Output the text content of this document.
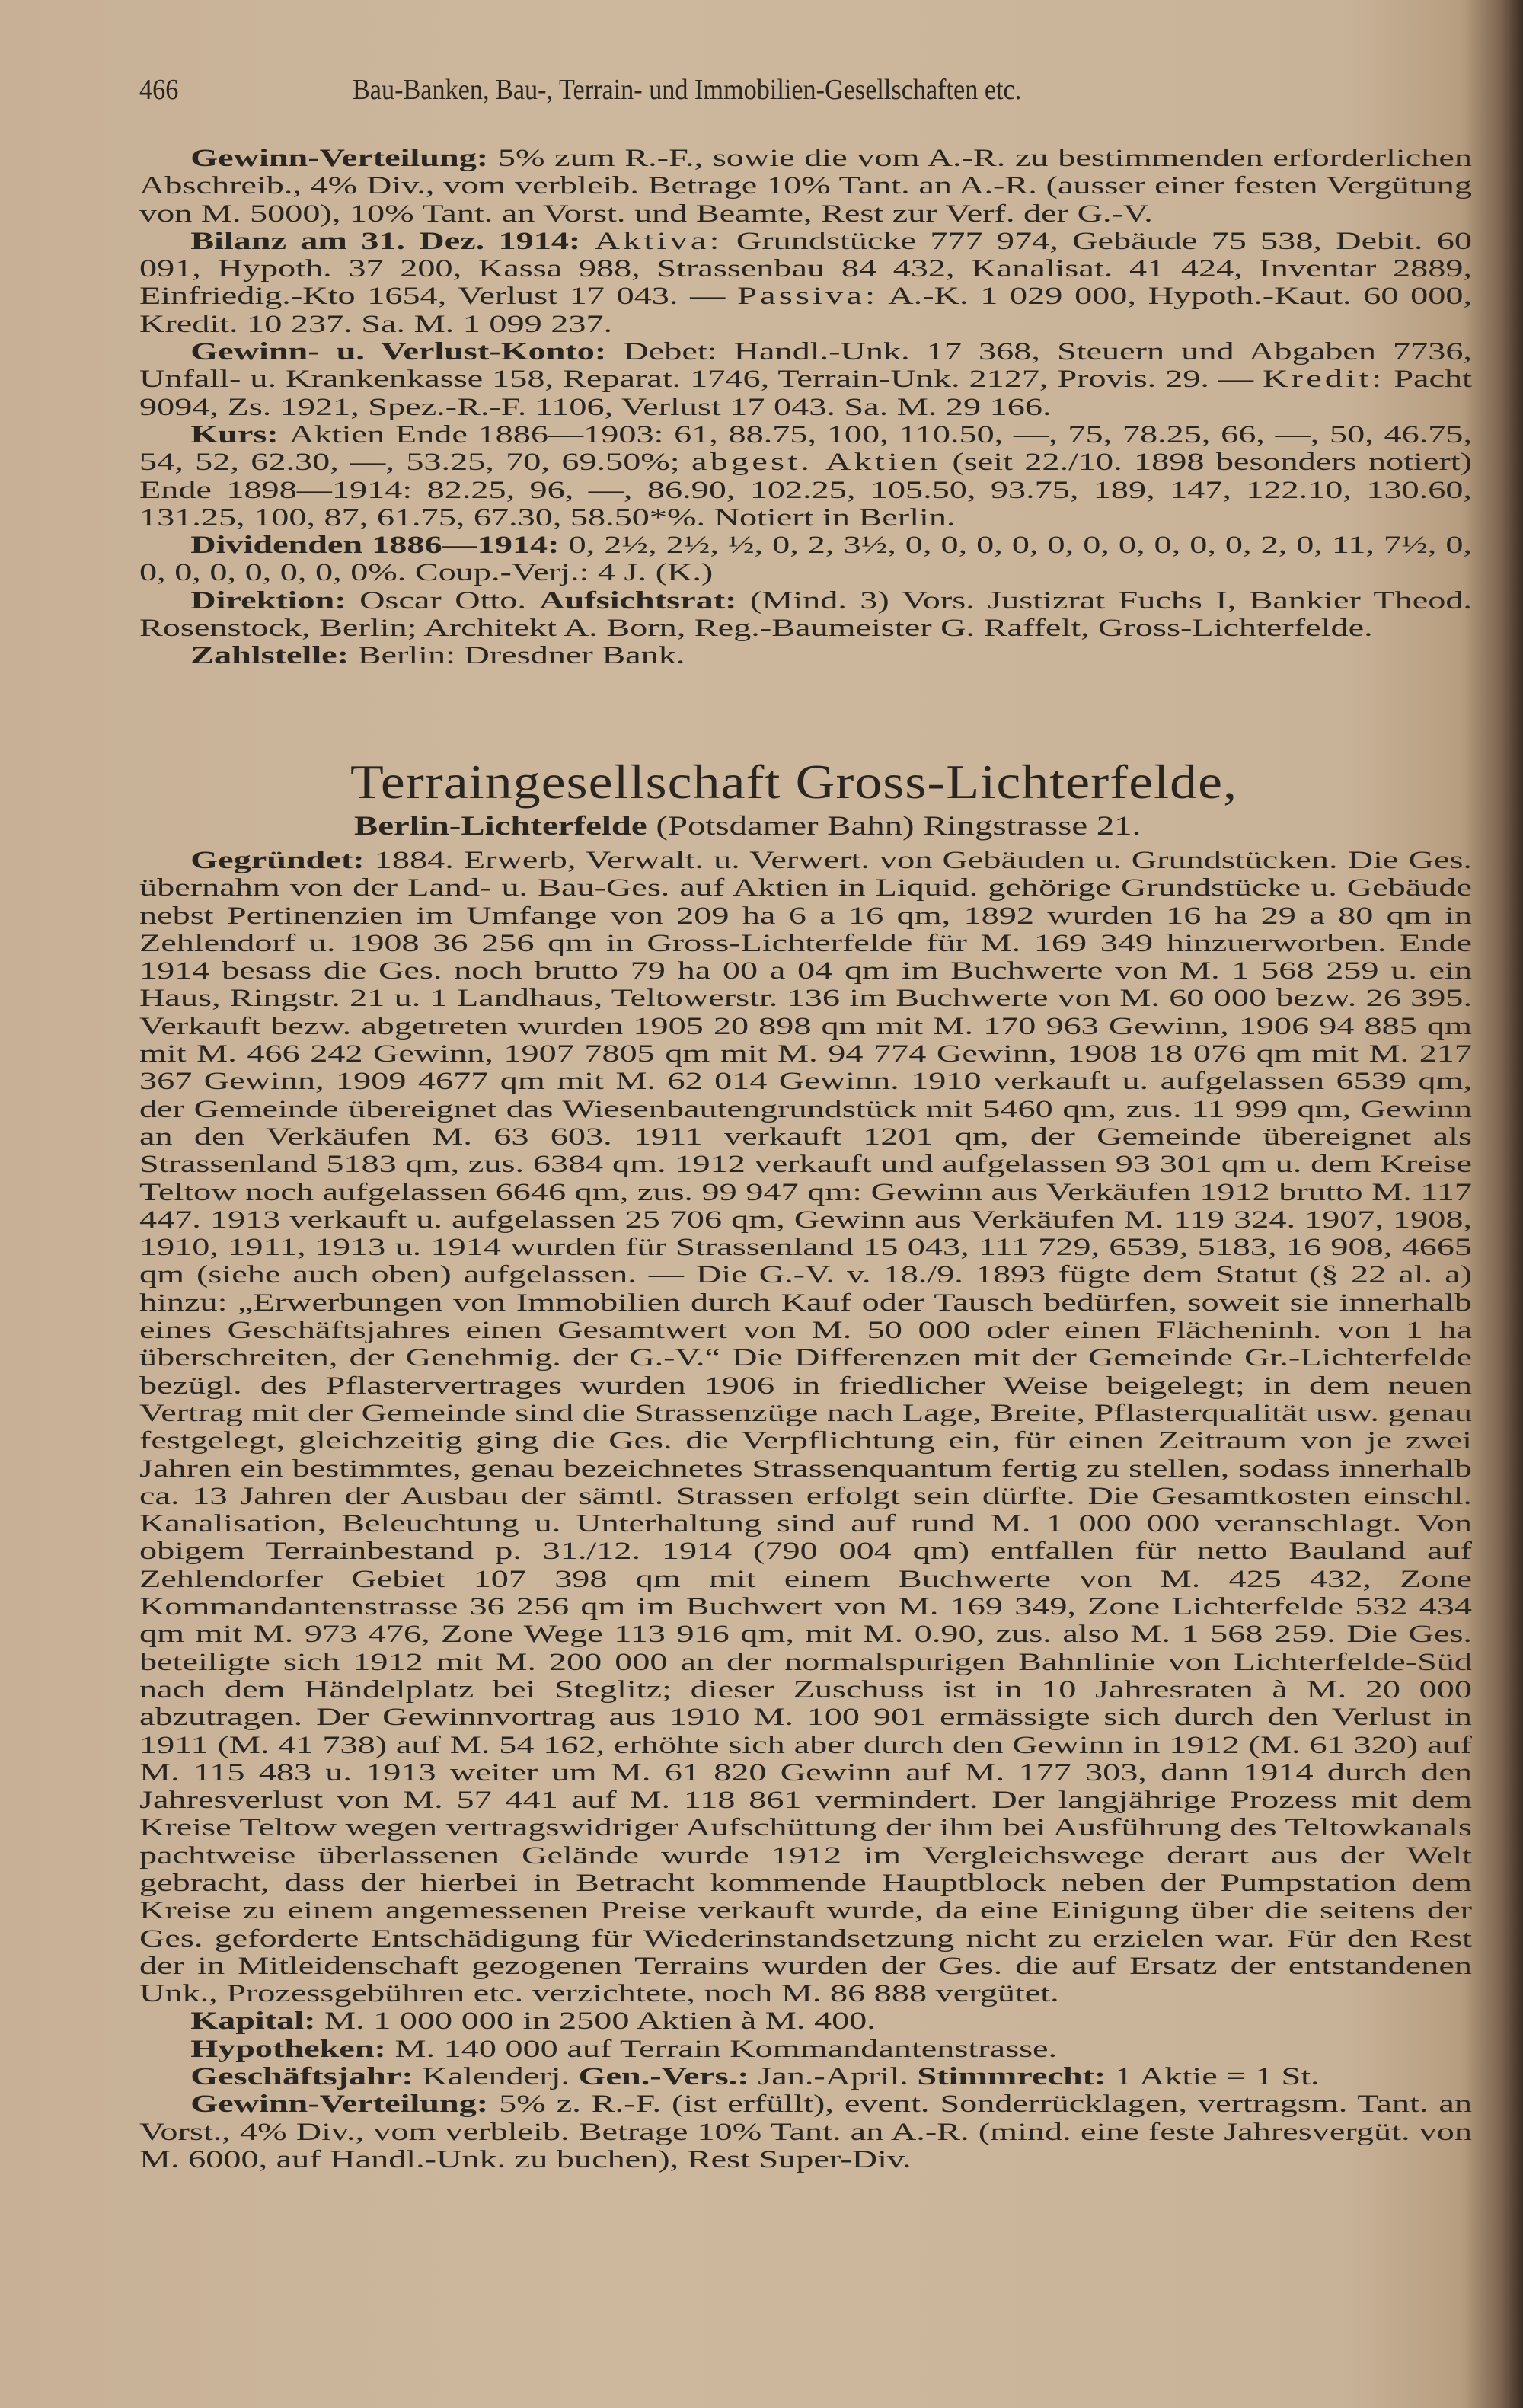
466	Bau-Banken, Bau-, Terrain- und Immobilien-Gesellschaften etc.

Gewinn-Verteilung: 5% zum R.-F., sowie die vom A.-R. zu bestimmenden erforderlichen Abschreib., 4% Div., vom verbleib. Betrage 10% Tant. an A.-R. (ausser einer festen Vergütung von M. 5000), 10% Tant. an Vorst. und Beamte, Rest zur Verf. der G.-V.

Bilanz am 31. Dez. 1914: Aktiva: Grundstücke 777 974, Gebäude 75 538, Debit. 60 091, Hypoth. 37 200, Kassa 988, Strassenbau 84 432, Kanalisat. 41 424, Inventar 2889, Einfriedig.-Kto 1654, Verlust 17 043. — Passiva: A.-K. 1 029 000, Hypoth.-Kaut. 60 000, Kredit. 10 237. Sa. M. 1 099 237.

Gewinn- u. Verlust-Konto: Debet: Handl.-Unk. 17 368, Steuern und Abgaben 7736, Unfall- u. Krankenkasse 158, Reparat. 1746, Terrain-Unk. 2127, Provis. 29. — Kredit: Pacht 9094, Zs. 1921, Spez.-R.-F. 1106, Verlust 17 043. Sa. M. 29 166.

Kurs: Aktien Ende 1886—1903: 61, 88.75, 100, 110.50, —, 75, 78.25, 66, —, 50, 46.75, 54, 52, 62.30, —, 53.25, 70, 69.50%; abgest. Aktien (seit 22./10. 1898 besonders notiert) Ende 1898—1914: 82.25, 96, —, 86.90, 102.25, 105.50, 93.75, 189, 147, 122.10, 130.60, 131.25, 100, 87, 61.75, 67.30, 58.50*%. Notiert in Berlin.

Dividenden 1886—1914: 0, 2½, 2½, ½, 0, 2, 3½, 0, 0, 0, 0, 0, 0, 0, 0, 0, 0, 2, 0, 11, 7½, 0, 0, 0, 0, 0, 0, 0, 0%. Coup.-Verj.: 4 J. (K.)

Direktion: Oscar Otto. Aufsichtsrat: (Mind. 3) Vors. Justizrat Fuchs I, Bankier Theod. Rosenstock, Berlin; Architekt A. Born, Reg.-Baumeister G. Raffelt, Gross-Lichterfelde.

Zahlstelle: Berlin: Dresdner Bank.

Terraingesellschaft Gross-Lichterfelde,
Berlin-Lichterfelde (Potsdamer Bahn) Ringstrasse 21.

Gegründet: 1884. Erwerb, Verwalt. u. Verwert. von Gebäuden u. Grundstücken. Die Ges. übernahm von der Land- u. Bau-Ges. auf Aktien in Liquid. gehörige Grundstücke u. Gebäude nebst Pertinenzien im Umfange von 209 ha 6 a 16 qm, 1892 wurden 16 ha 29 a 80 qm in Zehlendorf u. 1908 36 256 qm in Gross-Lichterfelde für M. 169 349 hinzuerworben. Ende 1914 besass die Ges. noch brutto 79 ha 00 a 04 qm im Buchwerte von M. 1 568 259 u. ein Haus, Ringstr. 21 u. 1 Landhaus, Teltowerstr. 136 im Buchwerte von M. 60 000 bezw. 26 395. Verkauft bezw. abgetreten wurden 1905 20 898 qm mit M. 170 963 Gewinn, 1906 94 885 qm mit M. 466 242 Gewinn, 1907 7805 qm mit M. 94 774 Gewinn, 1908 18 076 qm mit M. 217 367 Gewinn, 1909 4677 qm mit M. 62 014 Gewinn. 1910 verkauft u. aufgelassen 6539 qm, der Gemeinde übereignet das Wiesenbautengrundstück mit 5460 qm, zus. 11 999 qm, Gewinn an den Verkäufen M. 63 603. 1911 verkauft 1201 qm, der Gemeinde übereignet als Strassenland 5183 qm, zus. 6384 qm. 1912 verkauft und aufgelassen 93 301 qm u. dem Kreise Teltow noch aufgelassen 6646 qm, zus. 99 947 qm: Gewinn aus Verkäufen 1912 brutto M. 117 447. 1913 verkauft u. aufgelassen 25 706 qm, Gewinn aus Verkäufen M. 119 324. 1907, 1908, 1910, 1911, 1913 u. 1914 wurden für Strassenland 15 043, 111 729, 6539, 5183, 16 908, 4665 qm (siehe auch oben) aufgelassen. — Die G.-V. v. 18./9. 1893 fügte dem Statut (§ 22 al. a) hinzu: „Erwerbungen von Immobilien durch Kauf oder Tausch bedürfen, soweit sie innerhalb eines Geschäftsjahres einen Gesamtwert von M. 50 000 oder einen Flächeninh. von 1 ha überschreiten, der Genehmig. der G.-V.“ Die Differenzen mit der Gemeinde Gr.-Lichterfelde bezügl. des Pflastervertrages wurden 1906 in friedlicher Weise beigelegt; in dem neuen Vertrag mit der Gemeinde sind die Strassenzüge nach Lage, Breite, Pflasterqualität usw. genau festgelegt, gleichzeitig ging die Ges. die Verpflichtung ein, für einen Zeitraum von je zwei Jahren ein bestimmtes, genau bezeichnetes Strassenquantum fertig zu stellen, sodass innerhalb ca. 13 Jahren der Ausbau der sämtl. Strassen erfolgt sein dürfte. Die Gesamtkosten einschl. Kanalisation, Beleuchtung u. Unterhaltung sind auf rund M. 1 000 000 veranschlagt. Von obigem Terrainbestand p. 31./12. 1914 (790 004 qm) entfallen für netto Bauland auf Zehlendorfer Gebiet 107 398 qm mit einem Buchwerte von M. 425 432, Zone Kommandantenstrasse 36 256 qm im Buchwert von M. 169 349, Zone Lichterfelde 532 434 qm mit M. 973 476, Zone Wege 113 916 qm, mit M. 0.90, zus. also M. 1 568 259. Die Ges. beteiligte sich 1912 mit M. 200 000 an der normalspurigen Bahnlinie von Lichterfelde-Süd nach dem Händelplatz bei Steglitz; dieser Zuschuss ist in 10 Jahresraten à M. 20 000 abzutragen. Der Gewinnvortrag aus 1910 M. 100 901 ermässigte sich durch den Verlust in 1911 (M. 41 738) auf M. 54 162, erhöhte sich aber durch den Gewinn in 1912 (M. 61 320) auf M. 115 483 u. 1913 weiter um M. 61 820 Gewinn auf M. 177 303, dann 1914 durch den Jahresverlust von M. 57 441 auf M. 118 861 vermindert. Der langjährige Prozess mit dem Kreise Teltow wegen vertragswidriger Aufschüttung der ihm bei Ausführung des Teltowkanals pachtweise überlassenen Gelände wurde 1912 im Vergleichswege derart aus der Welt gebracht, dass der hierbei in Betracht kommende Hauptblock neben der Pumpstation dem Kreise zu einem angemessenen Preise verkauft wurde, da eine Einigung über die seitens der Ges. geforderte Entschädigung für Wiederinstandsetzung nicht zu erzielen war. Für den Rest der in Mitleidenschaft gezogenen Terrains wurden der Ges. die auf Ersatz der entstandenen Unk., Prozessgebühren etc. verzichtete, noch M. 86 888 vergütet.

Kapital: M. 1 000 000 in 2500 Aktien à M. 400.

Hypotheken: M. 140 000 auf Terrain Kommandantenstrasse.

Geschäftsjahr: Kalenderj. Gen.-Vers.: Jan.-April. Stimmrecht: 1 Aktie = 1 St.

Gewinn-Verteilung: 5% z. R.-F. (ist erfüllt), event. Sonderrücklagen, vertragsm. Tant. an Vorst., 4% Div., vom verbleib. Betrage 10% Tant. an A.-R. (mind. eine feste Jahresvergüt. von M. 6000, auf Handl.-Unk. zu buchen), Rest Super-Div.
